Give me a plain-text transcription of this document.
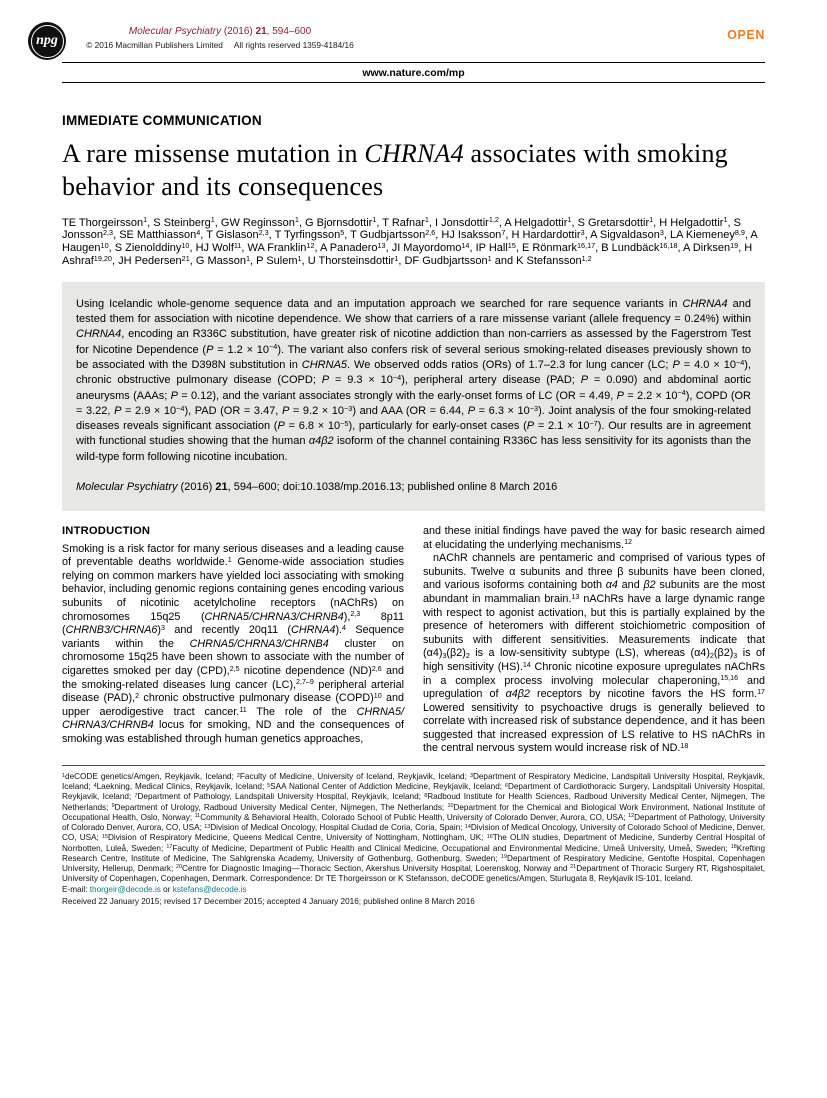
npg
Molecular Psychiatry (2016) 21, 594–600
© 2016 Macmillan Publishers Limited All rights reserved 1359-4184/16
OPEN
www.nature.com/mp
IMMEDIATE COMMUNICATION
A rare missense mutation in CHRNA4 associates with smoking behavior and its consequences

TE Thorgeirsson$^1$, S Steinberg$^1$, GW Reginsson$^1$, G Bjornsdottir$^1$, T Rafnar$^1$, I Jonsdottir$^{1,2}$, A Helgadottir$^1$, S Gretarsdottir$^1$, H Helgadottir$^1$, S Jonsson$^{2,3}$, SE Matthiasson$^4$, T Gislason$^{2,3}$, T Tyrfingsson$^5$, T Gudbjartsson$^{2,6}$, HJ Isaksson$^7$, H Hardardottir$^3$, A Sigvaldason$^3$, LA Kiemeney$^{8,9}$, A Haugen$^{10}$, S Zienolddiny$^{10}$, HJ Wolf$^{11}$, WA Franklin$^{12}$, A Panadero$^{13}$, JI Mayordomo$^{14}$, IP Hall$^{15}$, E Rönmark$^{16,17}$, B Lundbäck$^{16,18}$, A Dirksen$^{19}$, H Ashraf$^{19,20}$, JH Pedersen$^{21}$, G Masson$^1$, P Sulem$^1$, U Thorsteinsdottir$^1$, DF Gudbjartsson$^1$ and K Stefansson$^{1,2}$

Using Icelandic whole-genome sequence data and an imputation approach we searched for rare sequence variants in CHRNA4 and tested them for association with nicotine dependence. We show that carriers of a rare missense variant (allele frequency = 0.24%) within CHRNA4, encoding an R336C substitution, have greater risk of nicotine addiction than non-carriers as assessed by the Fagerstrom Test for Nicotine Dependence $(P = 1.2 \times 10^{-4})$. The variant also confers risk of several serious smoking-related diseases previously shown to be associated with the D398N substitution in CHRNA5. We observed odds ratios (ORs) of 1.7–2.3 for lung cancer (LC; $P = 4.0 \times 10^{-4}$), chronic obstructive pulmonary disease (COPD; $P = 9.3 \times 10^{-4}$), peripheral artery disease (PAD; P = 0.090) and abdominal aortic aneurysms (AAAs; P = 0.12), and the variant associates strongly with the early-onset forms of LC (OR = 4.49, $P = 2.2 \times 10^{-4}$), COPD (OR = 3.22, $P = 2.9 \times 10^{-4}$), PAD (OR = 3.47, $P = 9.2 \times 10^{-3}$) and AAA (OR = 6.44, $P = 6.3 \times 10^{-3}$). Joint analysis of the four smoking-related diseases reveals significant association $(P = 6.8 \times 10^{-5})$, particularly for early-onset cases $(P = 2.1 \times 10^{-7})$. Our results are in agreement with functional studies showing that the human α4β2 isoform of the channel containing R336C has less sensitivity for its agonists than the wild-type form following nicotine incubation.
Molecular Psychiatry (2016) 21, 594–600; doi:10.1038/mp.2016.13; published online 8 March 2016
INTRODUCTION

Smoking is a risk factor for many serious diseases and a leading cause of preventable deaths worldwide.$^1$ Genome-wide association studies relying on common markers have yielded loci associating with smoking behavior, including genomic regions containing genes encoding various subunits of nicotinic acetylcholine receptors (nAChRs) on chromosomes 15q25 (CHRNA5/CHRNA3/CHRNB4),$^{2,3}$ 8p11 (CHRNB3/CHRNA6)$^3$ and recently 20q11 (CHRNA4).$^4$ Sequence variants within the CHRNA5/CHRNA3/CHRNB4 cluster on chromosome 15q25 have been shown to associate with the number of cigarettes smoked per day (CPD),$^{2,5}$ nicotine dependence (ND)$^{2,6}$ and the smoking-related diseases lung cancer (LC),$^{2,7-9}$ peripheral arterial disease (PAD),$^2$ chronic obstructive pulmonary disease (COPD)$^{10}$ and upper aerodigestive tract cancer.$^{11}$ The role of the CHRNA5/ CHRNA3/CHRNB4 locus for smoking, ND and the consequences of smoking was established through human genetics approaches,

and these initial findings have paved the way for basic research aimed at elucidating the underlying mechanisms.$^{12}$

nAChR channels are pentameric and comprised of various types of subunits. Twelve α subunits and three β subunits have been cloned, and various isoforms containing both α4 and β2 subunits are the most abundant in mammalian brain.$^{13}$ nAChRs have a large dynamic range with respect to agonist activation, but this is partially explained by the presence of heteromers with different stoichiometric composition of subunits with different sensitivities. Measurements indicate that $(\alpha 4)_3(\beta 2)_2$ is a low-sensitivity subtype (LS), whereas $(\alpha 4)_2(\beta 2)_3$ is of high sensitivity (HS).$^{14}$ Chronic nicotine exposure upregulates nAChRs in a complex process involving molecular chaperoning,$^{15,16}$ and upregulation of α4β2 receptors by nicotine favors the HS form.$^{17}$ Lowered sensitivity to psychoactive drugs is generally believed to correlate with increased risk of substance dependence, and it has been suggested that increased expression of LS relative to HS nAChRs in the central nervous system would increase risk of ND.$^{18}$

$^1$deCODE genetics/Amgen, Reykjavik, Iceland; $^2$Faculty of Medicine, University of Iceland, Reykjavik, Iceland; $^3$Department of Respiratory Medicine, Landspitali University Hospital, Reykjavik, Iceland; $^4$Laekning, Medical Clinics, Reykjavik, Iceland; $^5$SAA National Center of Addiction Medicine, Reykjavik, Iceland; $^6$Department of Cardiothoracic Surgery, Landspitali University Hospital, Reykjavik, Iceland; $^7$Department of Pathology, Landspitali University Hospital, Reykjavik, Iceland; $^8$Radboud Institute for Health Sciences, Radboud University Medical Center, Nijmegen, The Netherlands; $^9$Department of Urology, Radboud University Medical Center, Nijmegen, The Netherlands; $^{10}$Department for the Chemical and Biological Work Environment, National Institute of Occupational Health, Oslo, Norway; $^{11}$Community & Behavioral Health, Colorado School of Public Health, University of Colorado Denver, Aurora, CO, USA; $^{12}$Department of Pathology, University of Colorado Denver, Aurora, CO, USA; $^{13}$Division of Medical Oncology, Hospital Ciudad de Coria, Coria, Spain; $^{14}$Division of Medical Oncology, University of Colorado School of Medicine, Denver, CO, USA; $^{15}$Division of Respiratory Medicine, Queens Medical Centre, University of Nottingham, Nottingham, UK; $^{16}$The OLIN studies, Department of Medicine, Sunderby Central Hospital of Norrbotten, Luleå, Sweden; $^{17}$Faculty of Medicine, Department of Public Health and Clinical Medicine, Occupational and Environmental Medicine, Umeå University, Umeå, Sweden; $^{18}$Krefting Research Centre, Institute of Medicine, The Sahlgrenska Academy, University of Gothenburg, Gothenburg, Sweden; $^{19}$Department of Respiratory Medicine, Gentofte Hospital, Copenhagen University, Hellerup, Denmark; $^{20}$Centre for Diagnostic Imaging—Thoracic Section, Akershus University Hospital, Loerenskog, Norway and $^{21}$Department of Thoracic Surgery RT, Rigshospitalet, University of Copenhagen, Copenhagen, Denmark. Correspondence: Dr TE Thorgeirsson or K Stefansson, deCODE genetics/Amgen, Sturlugata 8, Reykjavik IS-101, Iceland.

E-mail: thorgeir@decode.is or kstefans@decode.is

Received 22 January 2015; revised 17 December 2015; accepted 4 January 2016; published online 8 March 2016
